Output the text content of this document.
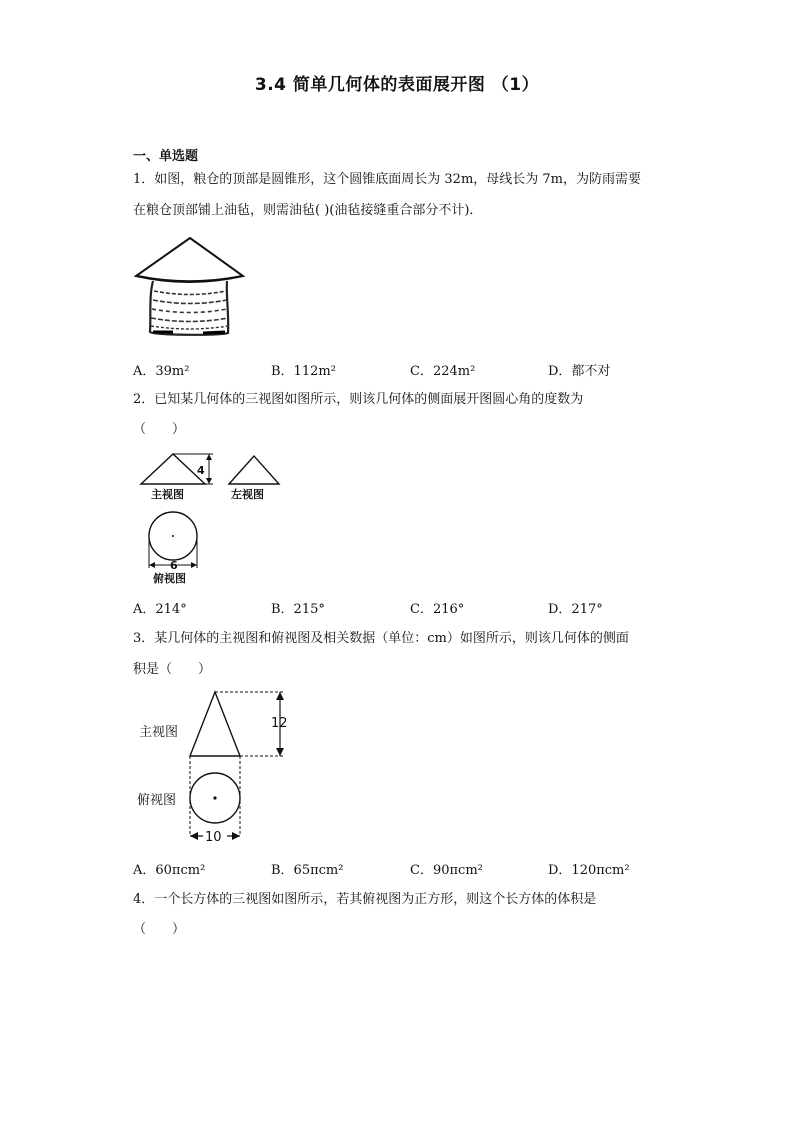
3.4 简单几何体的表面展开图 （1）
一、单选题
1．如图，粮仓的顶部是圆锥形，这个圆锥底面周长为 32m，母线长为 7m，为防雨需要
在粮仓顶部铺上油毡，则需油毡( )(油毡接缝重合部分不计)．
A．39m²	B．112m²	C．224m²	D．都不对
2．已知某几何体的三视图如图所示，则该几何体的侧面展开图圆心角的度数为
（　　）
4
主视图	左视图
6
俯视图
A．214°	B．215°	C．216°	D．217°
3．某几何体的主视图和俯视图及相关数据（单位：cm）如图所示，则该几何体的侧面
积是（　　）
12
主视图
俯视图
10
A．60πcm²	B．65πcm²	C．90πcm²	D．120πcm²
4．一个长方体的三视图如图所示，若其俯视图为正方形，则这个长方体的体积是
（　　）
